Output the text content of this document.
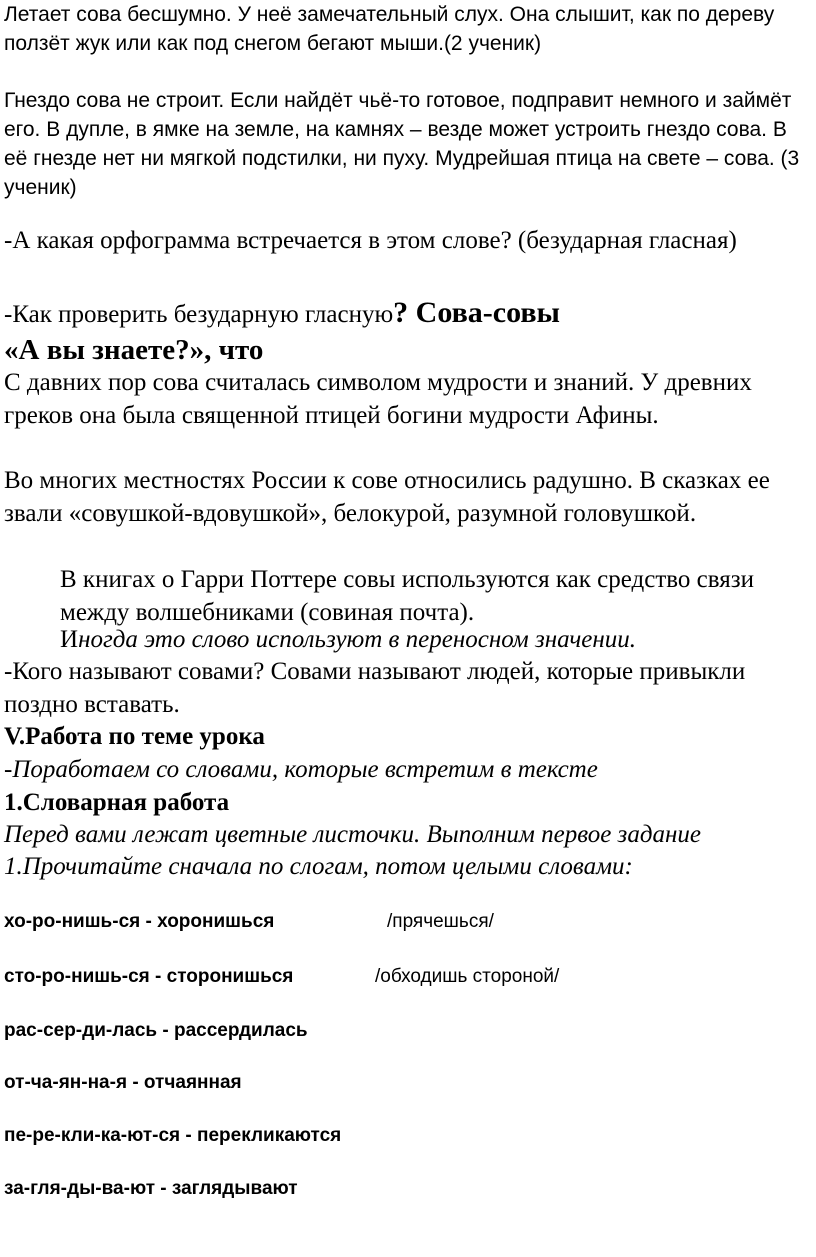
Летает сова бесшумно. У неё замечательный слух. Она слышит, как по дереву ползёт жук или как под снегом бегают мыши.(2 ученик)

Гнездо сова не строит. Если найдёт чьё-то готовое, подправит немного и займёт его. В дупле, в ямке на земле, на камнях – везде может устроить гнездо сова. В её гнезде нет ни мягкой подстилки, ни пуху. Мудрейшая птица на свете – сова. (3 ученик)

-А какая орфограмма встречается в этом слове? (безударная гласная)

-Как проверить безударную гласную? Сова-совы

«А вы знаете?», что

С давних пор сова считалась символом мудрости и знаний. У древних греков она была священной птицей богини мудрости Афины.

Во многих местностях России к сове относились радушно. В сказках ее звали «совушкой-вдовушкой», белокурой, разумной головушкой.

В книгах о Гарри Поттере совы используются как средство связи между волшебниками (совиная почта).

Иногда это слово используют в переносном значении.

-Кого называют совами? Совами называют людей, которые привыкли поздно вставать.

V.Работа по теме урока

-Поработаем со словами, которые встретим в тексте

1.Словарная работа

Перед вами лежат цветные листочки. Выполним первое задание

1.Прочитайте сначала по слогам, потом целыми словами:

хо-ро-нишь-ся - хоронишься	/прячешься/
сто-ро-нишь-ся - сторонишься	/обходишь стороной/
рас-сер-ди-лась - рассердилась
от-ча-ян-на-я - отчаянная
пе-ре-кли-ка-ют-ся - перекликаются
за-гля-ды-ва-ют - заглядывают
